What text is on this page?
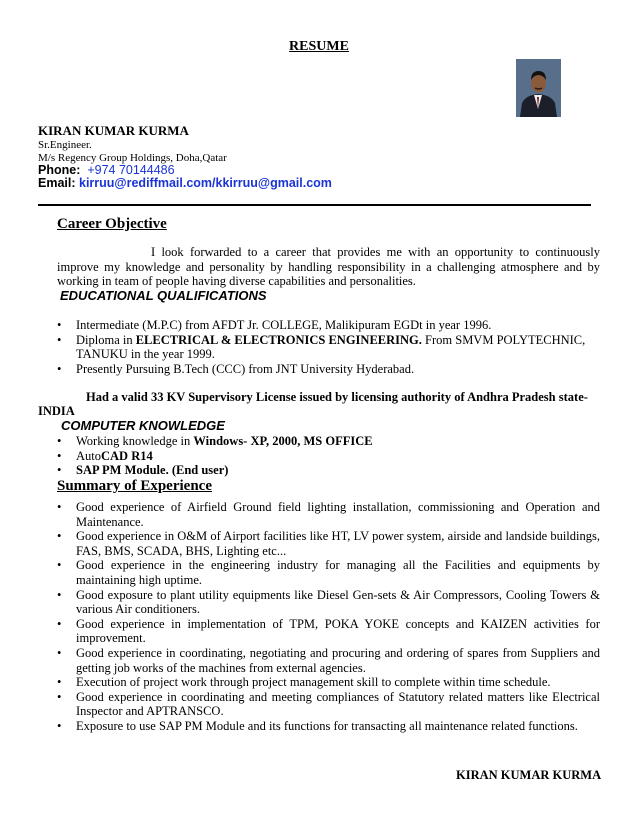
RESUME
KIRAN KUMAR KURMA
Sr.Engineer.
M/s Regency Group Holdings, Doha,Qatar
Phone: +974 70144486
Email: kirruu@rediffmail.com/kkirruu@gmail.com
Career Objective
I look forwarded to a career that provides me with an opportunity to continuously improve my knowledge and personality by handling responsibility in a challenging atmosphere and by working in team of people having diverse capabilities and personalities.
EDUCATIONAL QUALIFICATIONS
• Intermediate (M.P.C) from AFDT Jr. COLLEGE, Malikipuram EGDt in year 1996.
• Diploma in ELECTRICAL & ELECTRONICS ENGINEERING. From SMVM POLYTECHNIC, TANUKU in the year 1999.
• Presently Pursuing B.Tech (CCC) from JNT University Hyderabad.
Had a valid 33 KV Supervisory License issued by licensing authority of Andhra Pradesh state-
INDIA
COMPUTER KNOWLEDGE
• Working knowledge in Windows- XP, 2000, MS OFFICE
• AutoCAD R14
• SAP PM Module. (End user)
Summary of Experience
• Good experience of Airfield Ground field lighting installation, commissioning and Operation and Maintenance.
• Good experience in O&M of Airport facilities like HT, LV power system, airside and landside buildings, FAS, BMS, SCADA, BHS, Lighting etc...
• Good experience in the engineering industry for managing all the Facilities and equipments by maintaining high uptime.
• Good exposure to plant utility equipments like Diesel Gen-sets & Air Compressors, Cooling Towers & various Air conditioners.
• Good experience in implementation of TPM, POKA YOKE concepts and KAIZEN activities for improvement.
• Good experience in coordinating, negotiating and procuring and ordering of spares from Suppliers and getting job works of the machines from external agencies.
• Execution of project work through project management skill to complete within time schedule.
• Good experience in coordinating and meeting compliances of Statutory related matters like Electrical Inspector and APTRANSCO.
• Exposure to use SAP PM Module and its functions for transacting all maintenance related functions.
KIRAN KUMAR KURMA
